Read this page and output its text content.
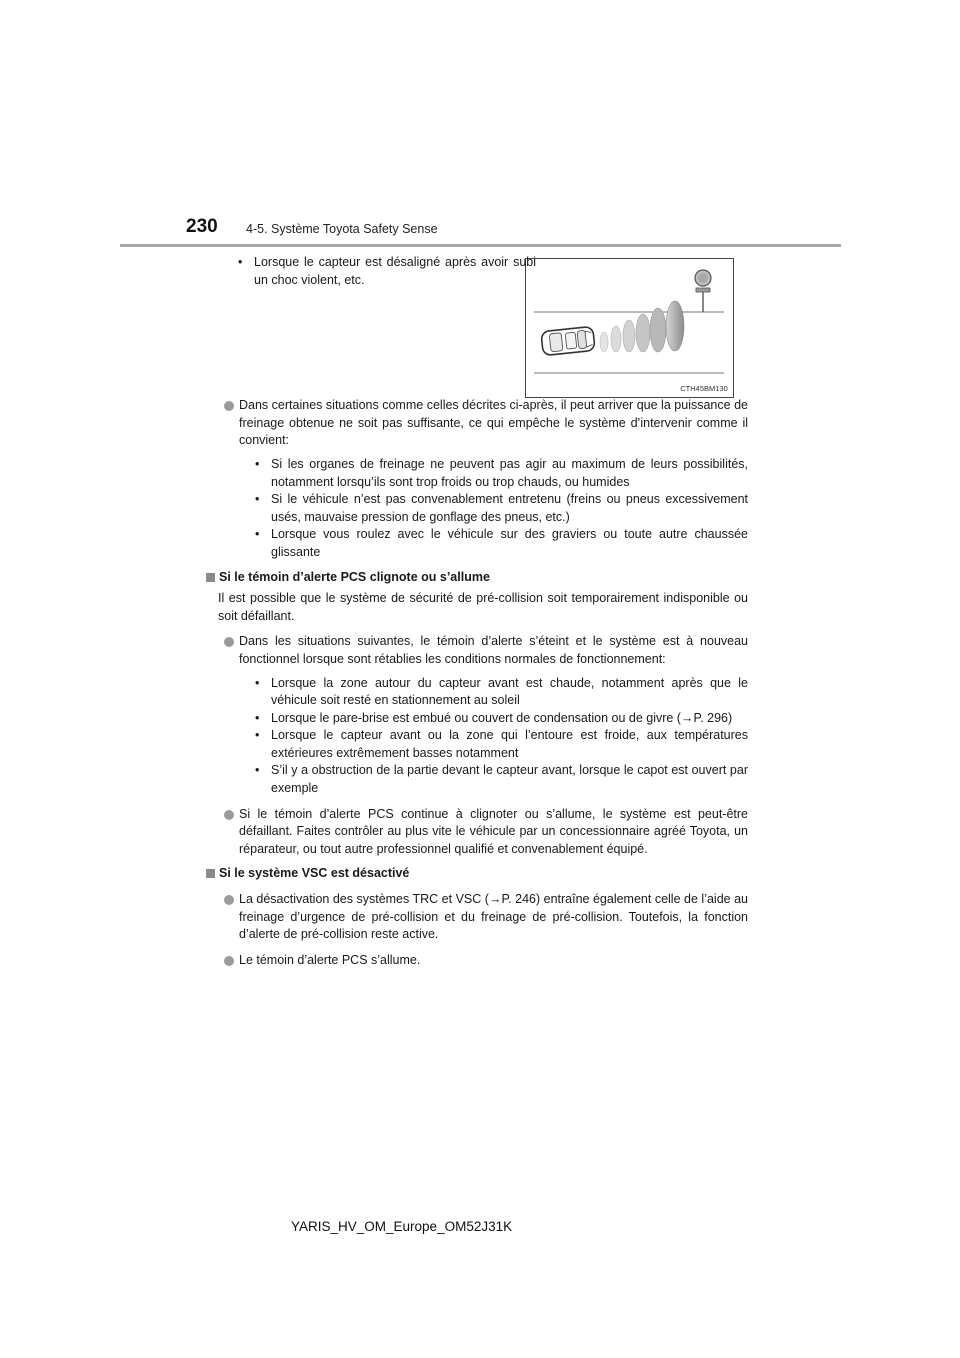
230 4-5. Système Toyota Safety Sense
CTH45BM130
• Lorsque le capteur est désaligné après avoir subi un choc violent, etc.
Dans certaines situations comme celles décrites ci-après, il peut arriver que la puissance de freinage obtenue ne soit pas suffisante, ce qui empêche le système d’intervenir comme il convient:
• Si les organes de freinage ne peuvent pas agir au maximum de leurs possibilités, notamment lorsqu’ils sont trop froids ou trop chauds, ou humides
• Si le véhicule n’est pas convenablement entretenu (freins ou pneus excessivement usés, mauvaise pression de gonflage des pneus, etc.)
• Lorsque vous roulez avec le véhicule sur des graviers ou toute autre chaussée glissante
Si le témoin d’alerte PCS clignote ou s’allume
Il est possible que le système de sécurité de pré-collision soit temporairement indisponible ou soit défaillant.
Dans les situations suivantes, le témoin d’alerte s’éteint et le système est à nouveau fonctionnel lorsque sont rétablies les conditions normales de fonctionnement:
• Lorsque la zone autour du capteur avant est chaude, notamment après que le véhicule soit resté en stationnement au soleil
• Lorsque le pare-brise est embué ou couvert de condensation ou de givre (→P. 296)
• Lorsque le capteur avant ou la zone qui l’entoure est froide, aux températures extérieures extrêmement basses notamment
• S’il y a obstruction de la partie devant le capteur avant, lorsque le capot est ouvert par exemple
Si le témoin d’alerte PCS continue à clignoter ou s’allume, le système est peut-être défaillant. Faites contrôler au plus vite le véhicule par un concessionnaire agréé Toyota, un réparateur, ou tout autre professionnel qualifié et convenablement équipé.
Si le système VSC est désactivé
La désactivation des systèmes TRC et VSC (→P. 246) entraîne également celle de l’aide au freinage d’urgence de pré-collision et du freinage de pré-collision. Toutefois, la fonction d’alerte de pré-collision reste active.
Le témoin d’alerte PCS s’allume.
YARIS_HV_OM_Europe_OM52J31K
